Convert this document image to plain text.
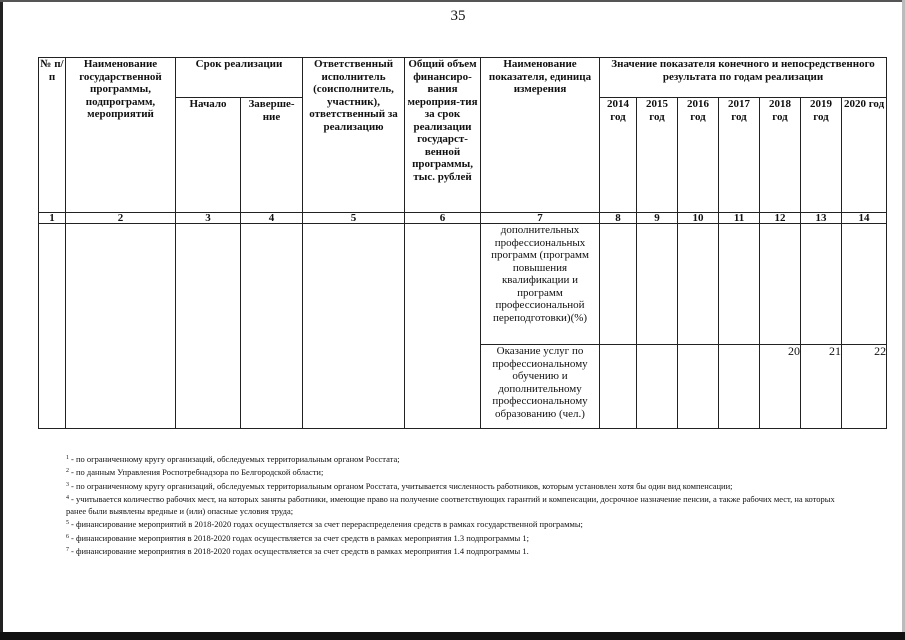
35
№ п/п	Наименование государственной программы, подпрограмм, мероприятий	Срок реализации		Ответственный исполнитель (соисполнитель, участник), ответственный за реализацию	Общий объем финансиро-вания мероприя-тия за срок реализации государст-венной программы, тыс. рублей	Наименование показателя, единица измерения	Значение показателя конечного и непосредственного результата по годам реализации						
		Начало	Заверше-ние				2014 год	2015 год	2016 год	2017 год	2018 год	2019 год	2020 год
1	2	3	4	5	6	7	8	9	10	11	12	13	14
						дополнительных профессиональных программ (программ повышения квалификации и программ профессиональной переподготовки)(%)							
						Оказание услуг по профессиональному обучению и дополнительному профессиональному образованию (чел.)					20	21	22
$^1$ - по ограниченному кругу организаций, обследуемых территориальным органом Росстата;
$^2$ - по данным Управления Роспотребнадзора по Белгородской области;
$^3$ - по ограниченному кругу организаций, обследуемых территориальным органом Росстата, учитывается численность работников, которым установлен хотя бы один вид компенсации;
$^4$ - учитывается количество рабочих мест, на которых заняты работники, имеющие право на получение соответствующих гарантий и компенсации, досрочное назначение пенсии, а также рабочих мест, на которых ранее были выявлены вредные и (или) опасные условия труда;
$^5$ - финансирование мероприятий в 2018-2020 годах осуществляется за счет перераспределения средств в рамках государственной программы;
$^6$ - финансирование мероприятия в 2018-2020 годах осуществляется за счет средств в рамках мероприятия 1.3 подпрограммы 1;
$^7$ - финансирование мероприятия в 2018-2020 годах осуществляется за счет средств в рамках мероприятия 1.4 подпрограммы 1.
